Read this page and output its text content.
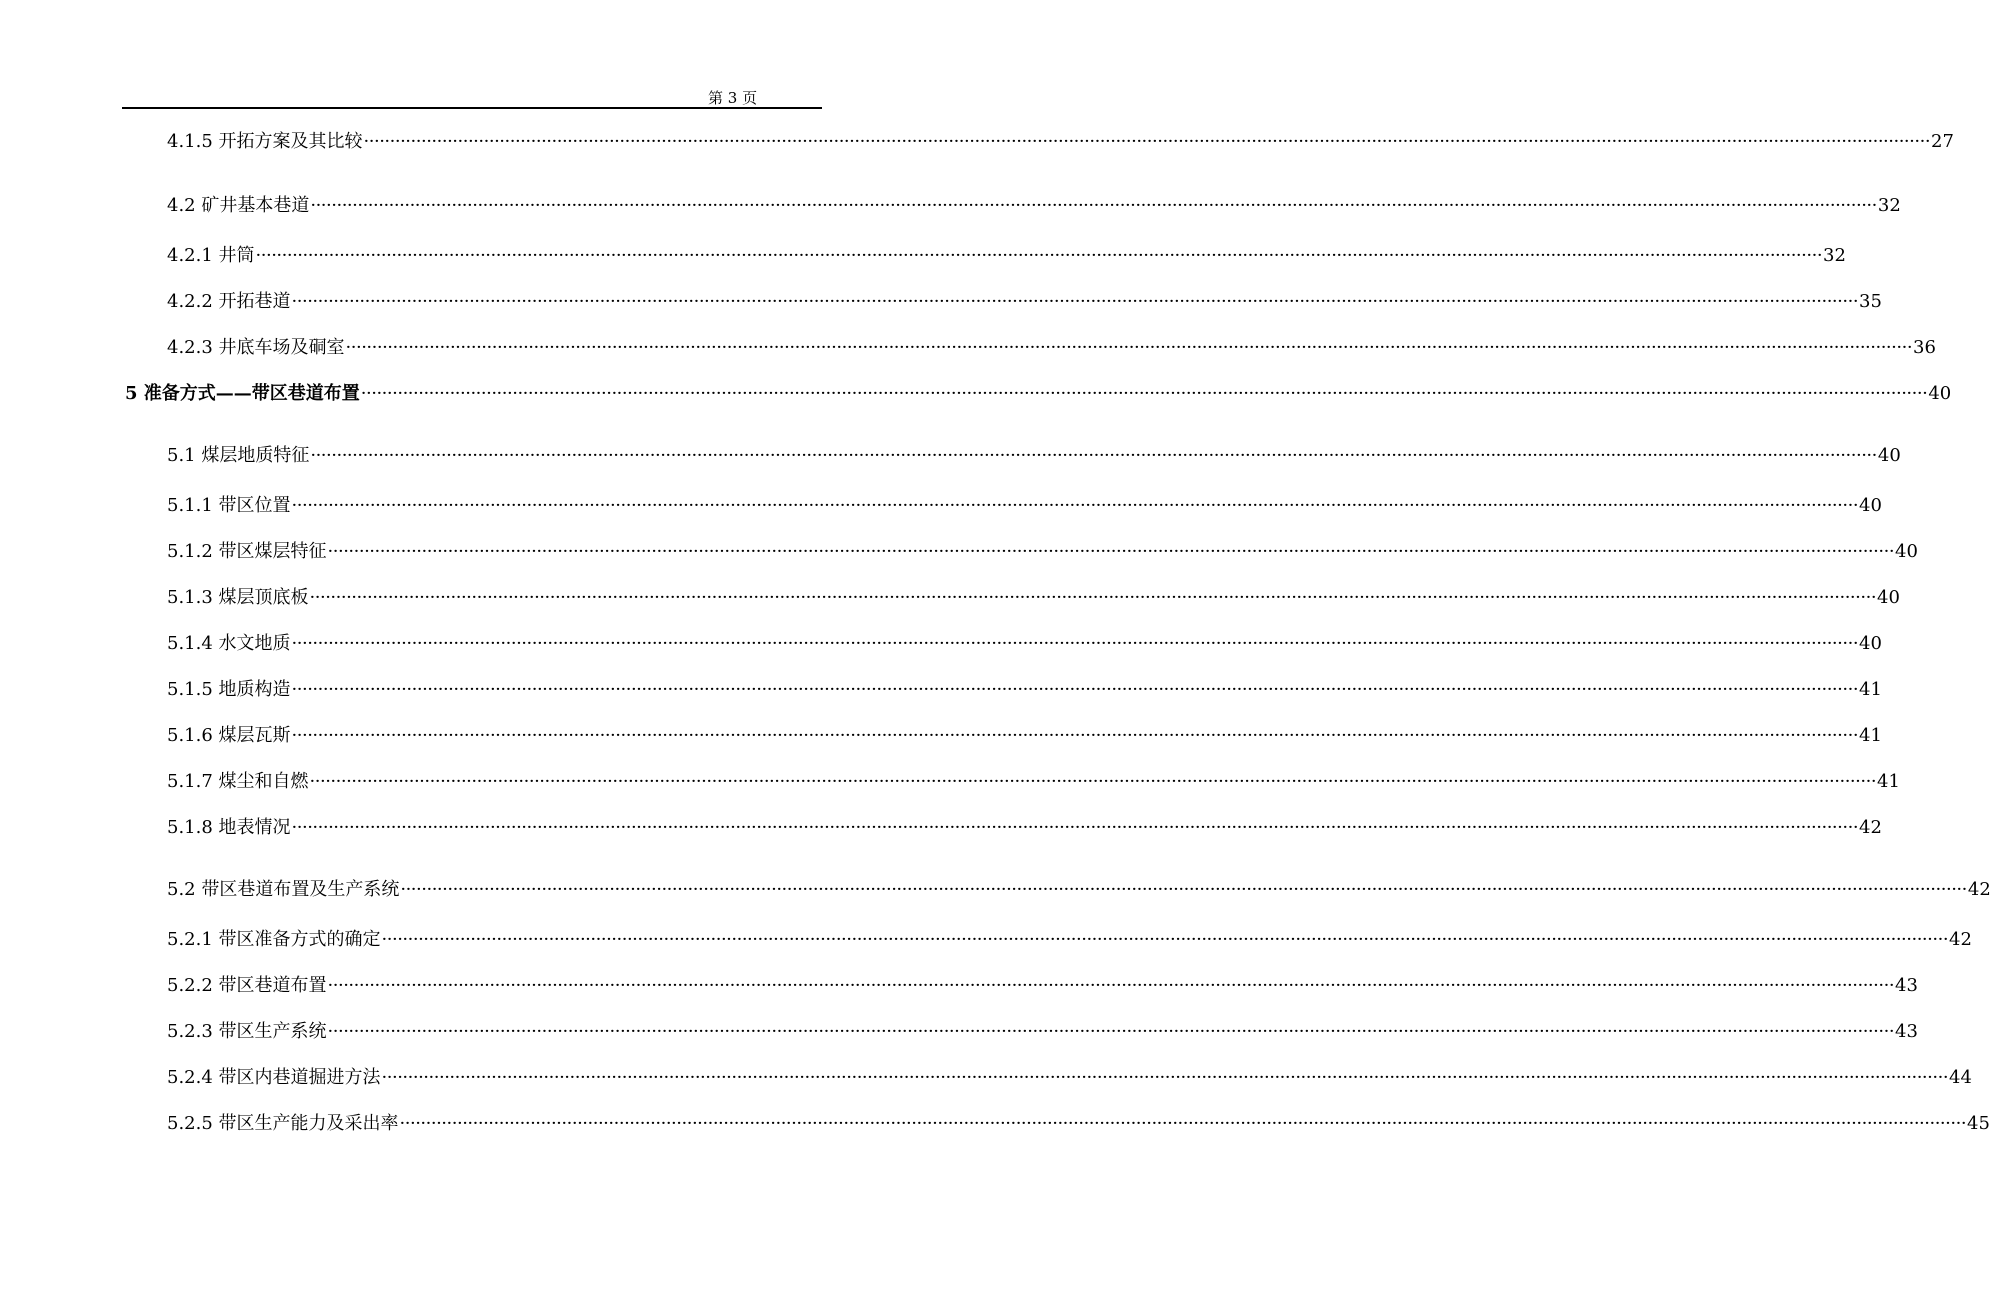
第 3 页
4.1.5 开拓方案及其比较 ············································································································································································································································································································ 27
4.2 矿井基本巷道 ············································································································································································································································································································ 32
4.2.1 井筒 ············································································································································································································································································································ 32
4.2.2 开拓巷道 ············································································································································································································································································································ 35
4.2.3 井底车场及硐室 ············································································································································································································································································································ 36
5 准备方式——带区巷道布置 ············································································································································································································································································································ 40
5.1 煤层地质特征 ············································································································································································································································································································ 40
5.1.1 带区位置 ············································································································································································································································································································ 40
5.1.2 带区煤层特征 ············································································································································································································································································································ 40
5.1.3 煤层顶底板 ············································································································································································································································································································ 40
5.1.4 水文地质 ············································································································································································································································································································ 40
5.1.5 地质构造 ············································································································································································································································································································ 41
5.1.6 煤层瓦斯 ············································································································································································································································································································ 41
5.1.7 煤尘和自燃 ············································································································································································································································································································ 41
5.1.8 地表情况 ············································································································································································································································································································ 42
5.2 带区巷道布置及生产系统 ············································································································································································································································································································ 42
5.2.1 带区准备方式的确定 ············································································································································································································································································································ 42
5.2.2 带区巷道布置 ············································································································································································································································································································ 43
5.2.3 带区生产系统 ············································································································································································································································································································ 43
5.2.4 带区内巷道掘进方法 ············································································································································································································································································································ 44
5.2.5 带区生产能力及采出率 ············································································································································································································································································································ 45
